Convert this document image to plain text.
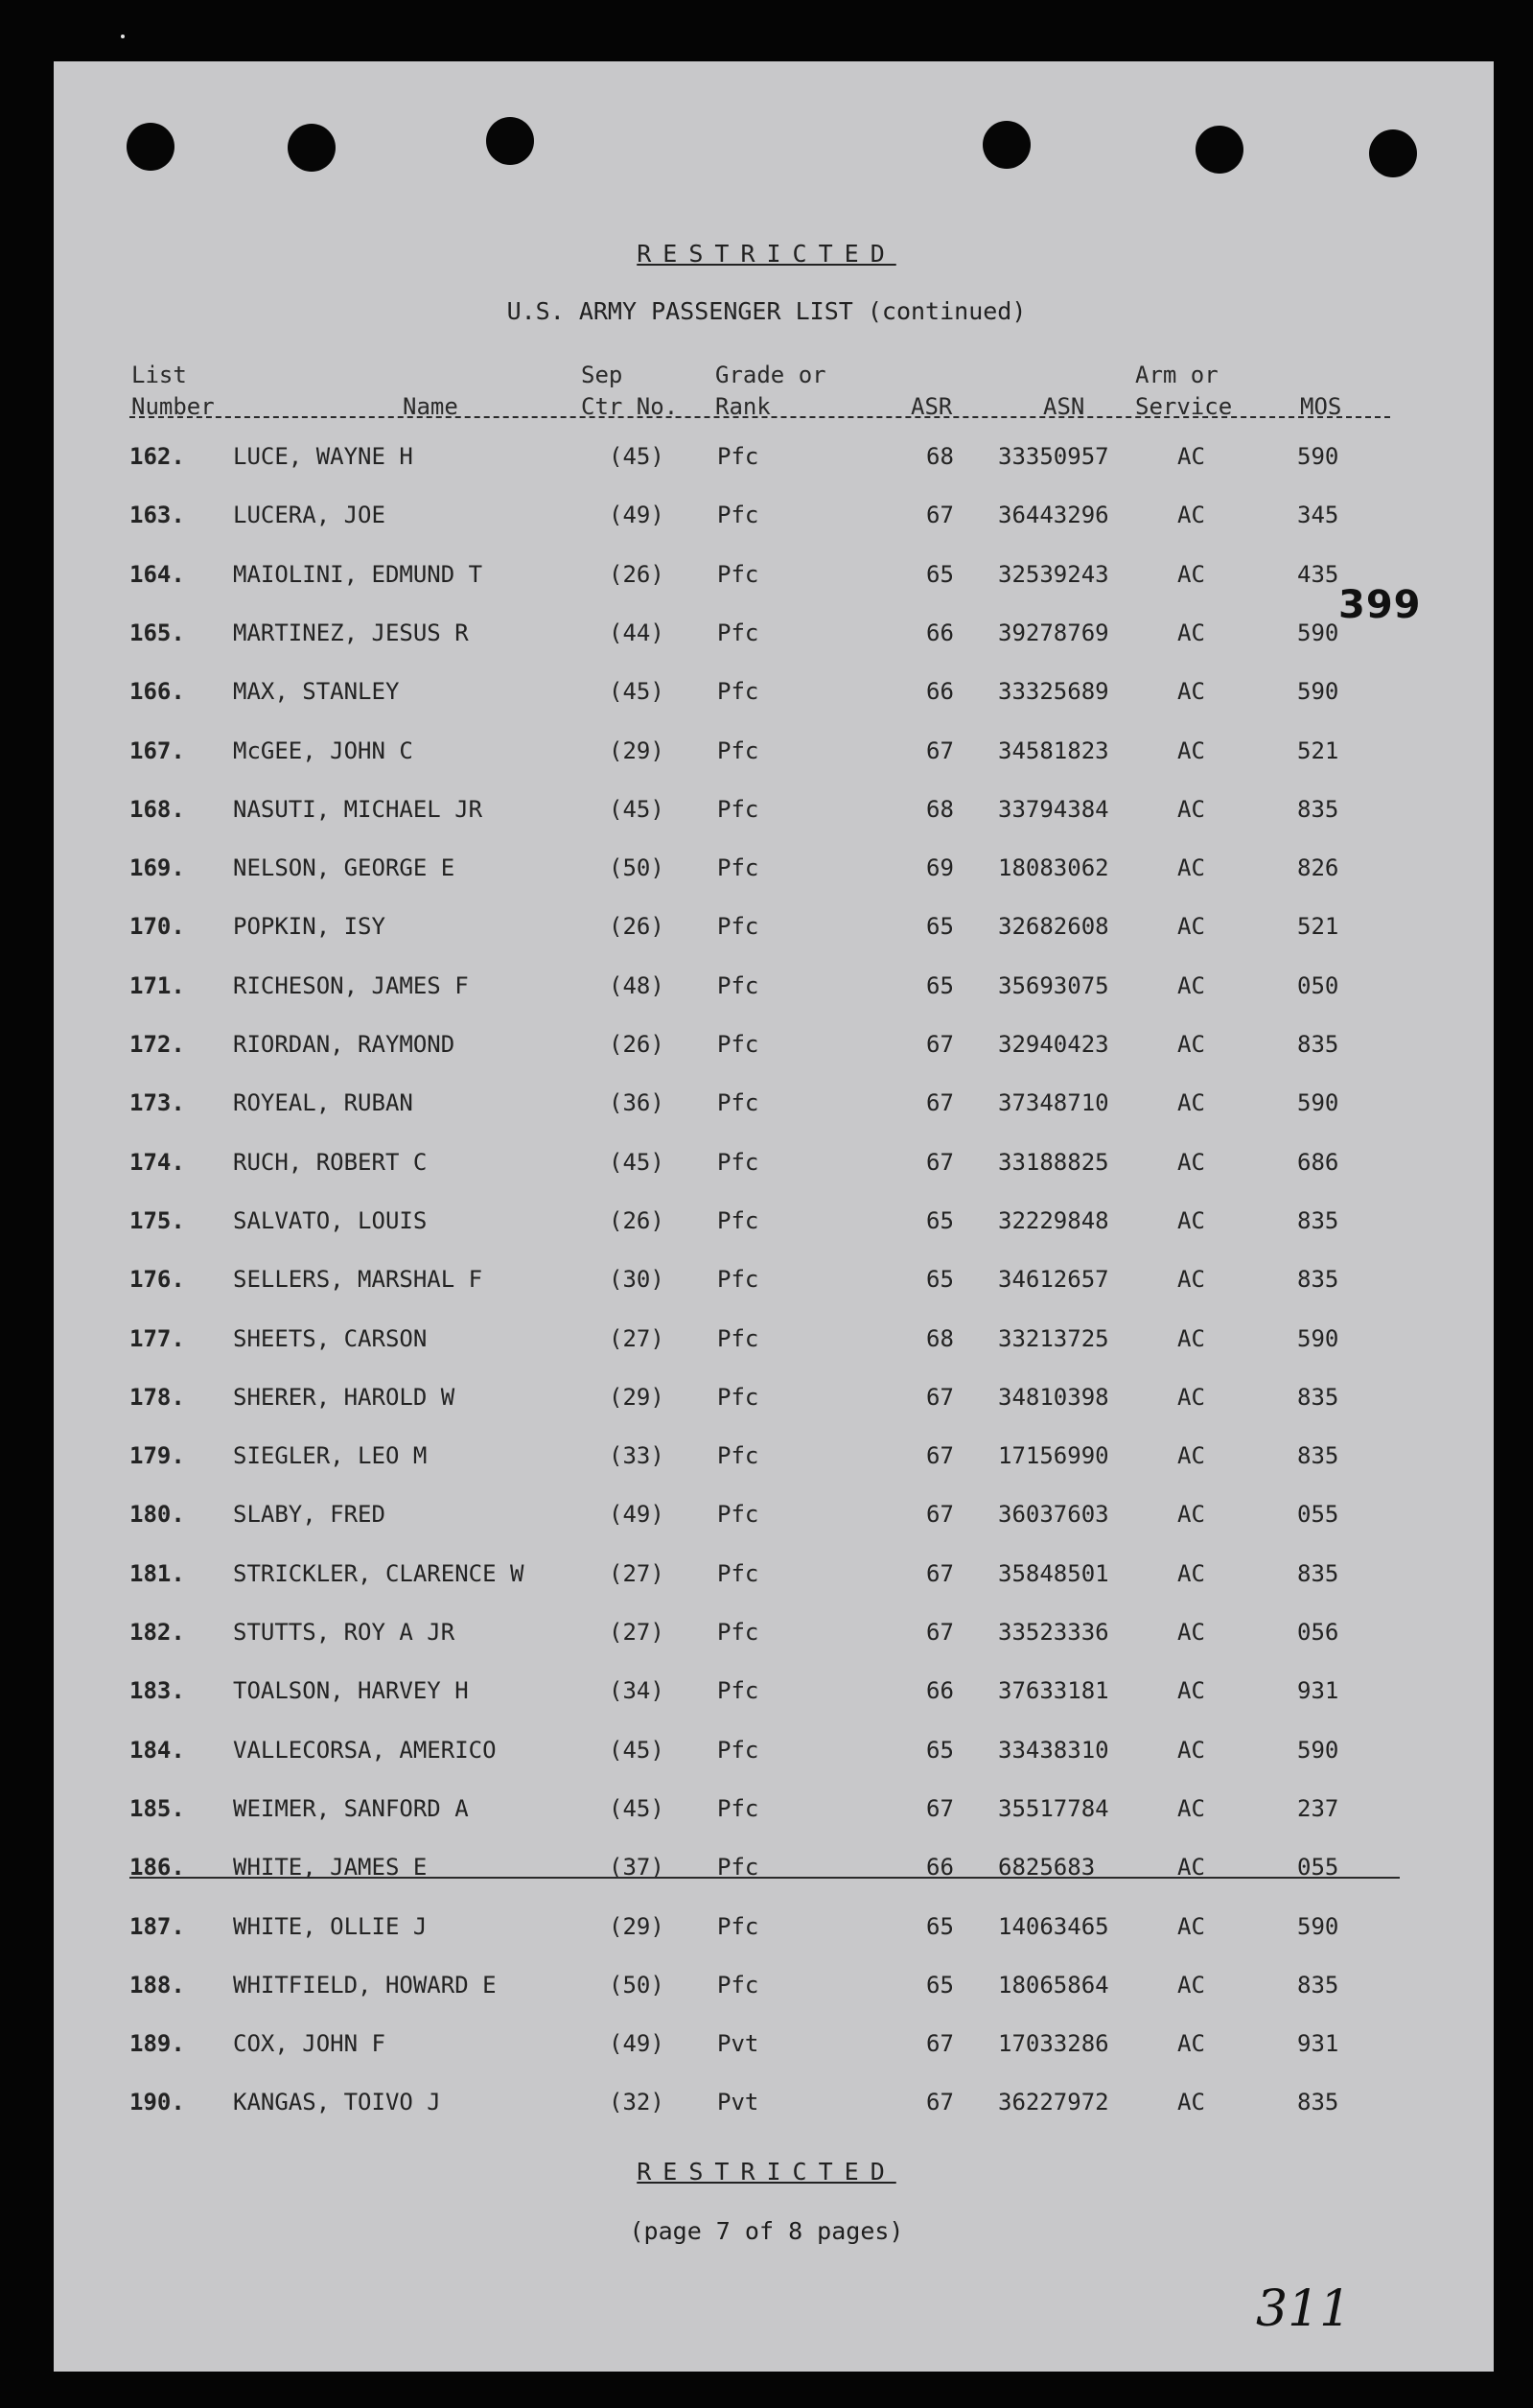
RESTRICTED
U.S. ARMY PASSENGER LIST (continued)
List
Number	Name
Sep
Ctr No.
Grade or
Rank	ASR	ASN
Arm or
Service	MOS
162. LUCE, WAYNE H	(45) Pfc	68 33350957	AC	590
163. LUCERA, JOE	(49) Pfc	67 36443296	AC	345
164. MAIOLINI, EDMUND T	(26) Pfc	65 32539243	AC	435
165. MARTINEZ, JESUS R	(44) Pfc	66 39278769	AC	590
166. MAX, STANLEY	(45) Pfc	66 33325689	AC	590
167. McGEE, JOHN C	(29) Pfc	67 34581823	AC	521
168. NASUTI, MICHAEL JR	(45) Pfc	68 33794384	AC	835
169. NELSON, GEORGE E	(50) Pfc	69 18083062	AC	826
170. POPKIN, ISY	(26) Pfc	65 32682608	AC	521
171. RICHESON, JAMES F	(48) Pfc	65 35693075	AC	050
172. RIORDAN, RAYMOND	(26) Pfc	67 32940423	AC	835
173. ROYEAL, RUBAN	(36) Pfc	67 37348710	AC	590
174. RUCH, ROBERT C	(45) Pfc	67 33188825	AC	686
175. SALVATO, LOUIS	(26) Pfc	65 32229848	AC	835
176. SELLERS, MARSHAL F	(30) Pfc	65 34612657	AC	835
177. SHEETS, CARSON	(27) Pfc	68 33213725	AC	590
178. SHERER, HAROLD W	(29) Pfc	67 34810398	AC	835
179. SIEGLER, LEO M	(33) Pfc	67 17156990	AC	835
180. SLABY, FRED	(49) Pfc	67 36037603	AC	055
181. STRICKLER, CLARENCE W	(27) Pfc	67 35848501	AC	835
182. STUTTS, ROY A JR	(27) Pfc	67 33523336	AC	056
183. TOALSON, HARVEY H	(34) Pfc	66 37633181	AC	931
184. VALLECORSA, AMERICO	(45) Pfc	65 33438310	AC	590
185. WEIMER, SANFORD A	(45) Pfc	67 35517784	AC	237
186. WHITE, JAMES E	(37) Pfc	66 6825683	AC	055
187. WHITE, OLLIE J	(29) Pfc	65 14063465	AC	590
188. WHITFIELD, HOWARD E	(50) Pfc	65 18065864	AC	835
189. COX, JOHN F	(49) Pvt	67 17033286	AC	931
190. KANGAS, TOIVO J	(32) Pvt	67 36227972	AC	835
399
RESTRICTED
(page 7 of 8 pages)
311
